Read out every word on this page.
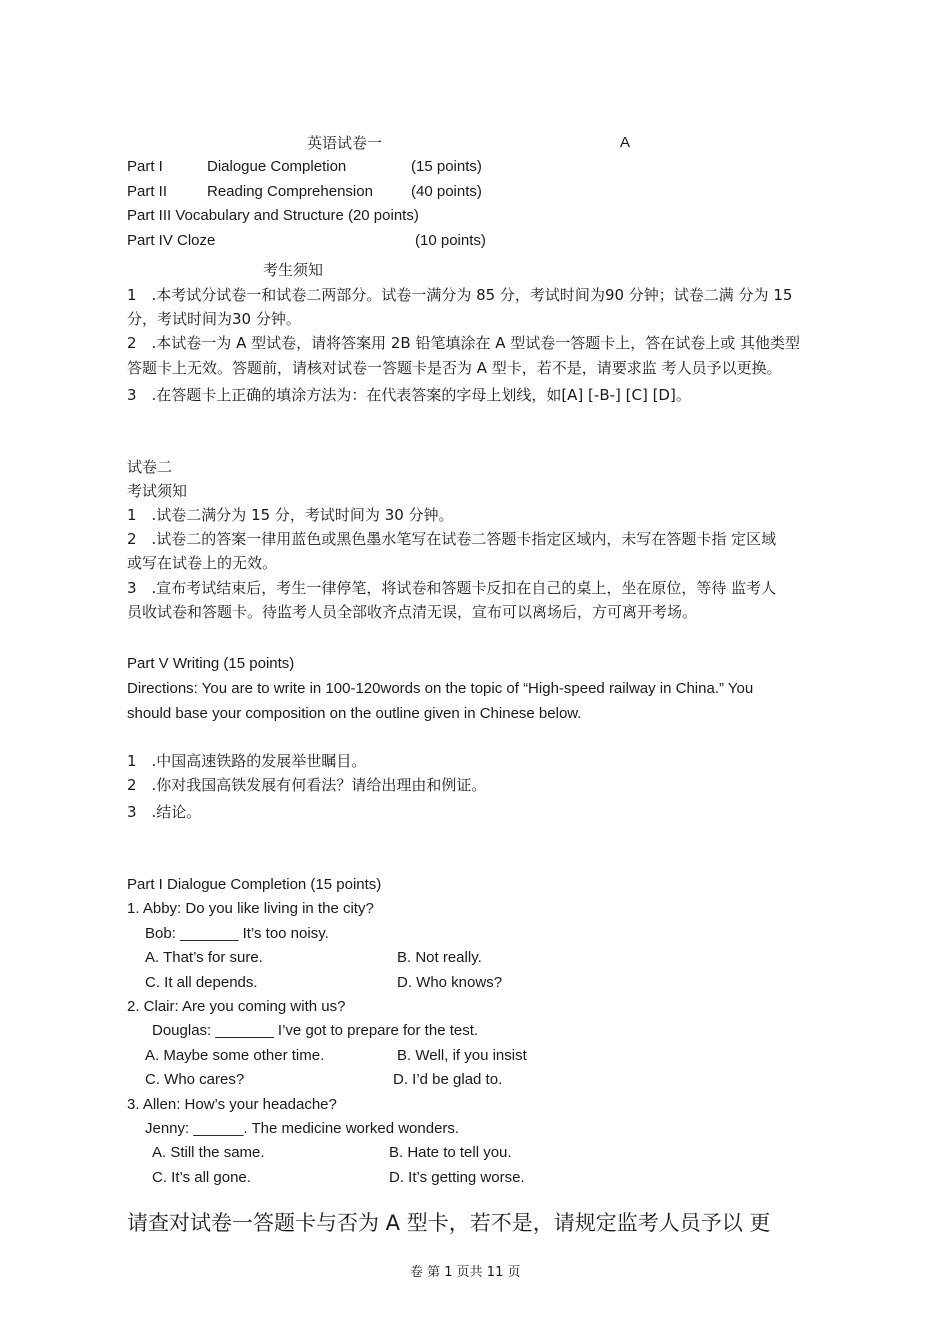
英语试卷一	A
Part I	Dialogue Completion	(15 points)
Part II	Reading Comprehension	(40 points)
Part III Vocabulary and Structure (20 points)
Part IV Cloze	(10 points)
考生须知
1　.本考试分试卷一和试卷二两部分。试卷一满分为 85 分，考试时间为90 分钟；试卷二满 分为 15
分，考试时间为30 分钟。
2　.本试卷一为 A 型试卷，请将答案用 2B 铅笔填涂在 A 型试卷一答题卡上，答在试卷上或 其他类型
答题卡上无效。答题前，请核对试卷一答题卡是否为 A 型卡，若不是，请要求监 考人员予以更换。
3　.在答题卡上正确的填涂方法为：在代表答案的字母上划线，如[A] [-B-] [C] [D]。
试卷二
考试须知
1　.试卷二满分为 15 分，考试时间为 30 分钟。
2　.试卷二的答案一律用蓝色或黑色墨水笔写在试卷二答题卡指定区域内，未写在答题卡指 定区域
或写在试卷上的无效。
3　.宣布考试结束后，考生一律停笔，将试卷和答题卡反扣在自己的桌上，坐在原位，等待 监考人
员收试卷和答题卡。待监考人员全部收齐点清无误，宣布可以离场后，方可离开考场。
Part V Writing (15 points)
Directions: You are to write in 100-120words on the topic of “High-speed railway in China.” You
should base your composition on the outline given in Chinese below.
1　.中国高速铁路的发展举世瞩目。
2　.你对我国高铁发展有何看法？请给出理由和例证。
3　.结论。
Part I Dialogue Completion (15 points)
1. Abby: Do you like living in the city?
Bob: _______ It’s too noisy.
A. That’s for sure.	B. Not really.
C. It all depends.	D. Who knows?
2. Clair: Are you coming with us?
Douglas: _______ I’ve got to prepare for the test.
A. Maybe some other time.	B. Well, if you insist
C. Who cares?	D. I’d be glad to.
3. Allen: How’s your headache?
Jenny: ______. The medicine worked wonders.
A. Still the same.	B. Hate to tell you.
C. It’s all gone.	D. It’s getting worse.
请查对试卷一答题卡与否为 A 型卡，若不是，请规定监考人员予以 更
卷 第 1 页共 11 页
